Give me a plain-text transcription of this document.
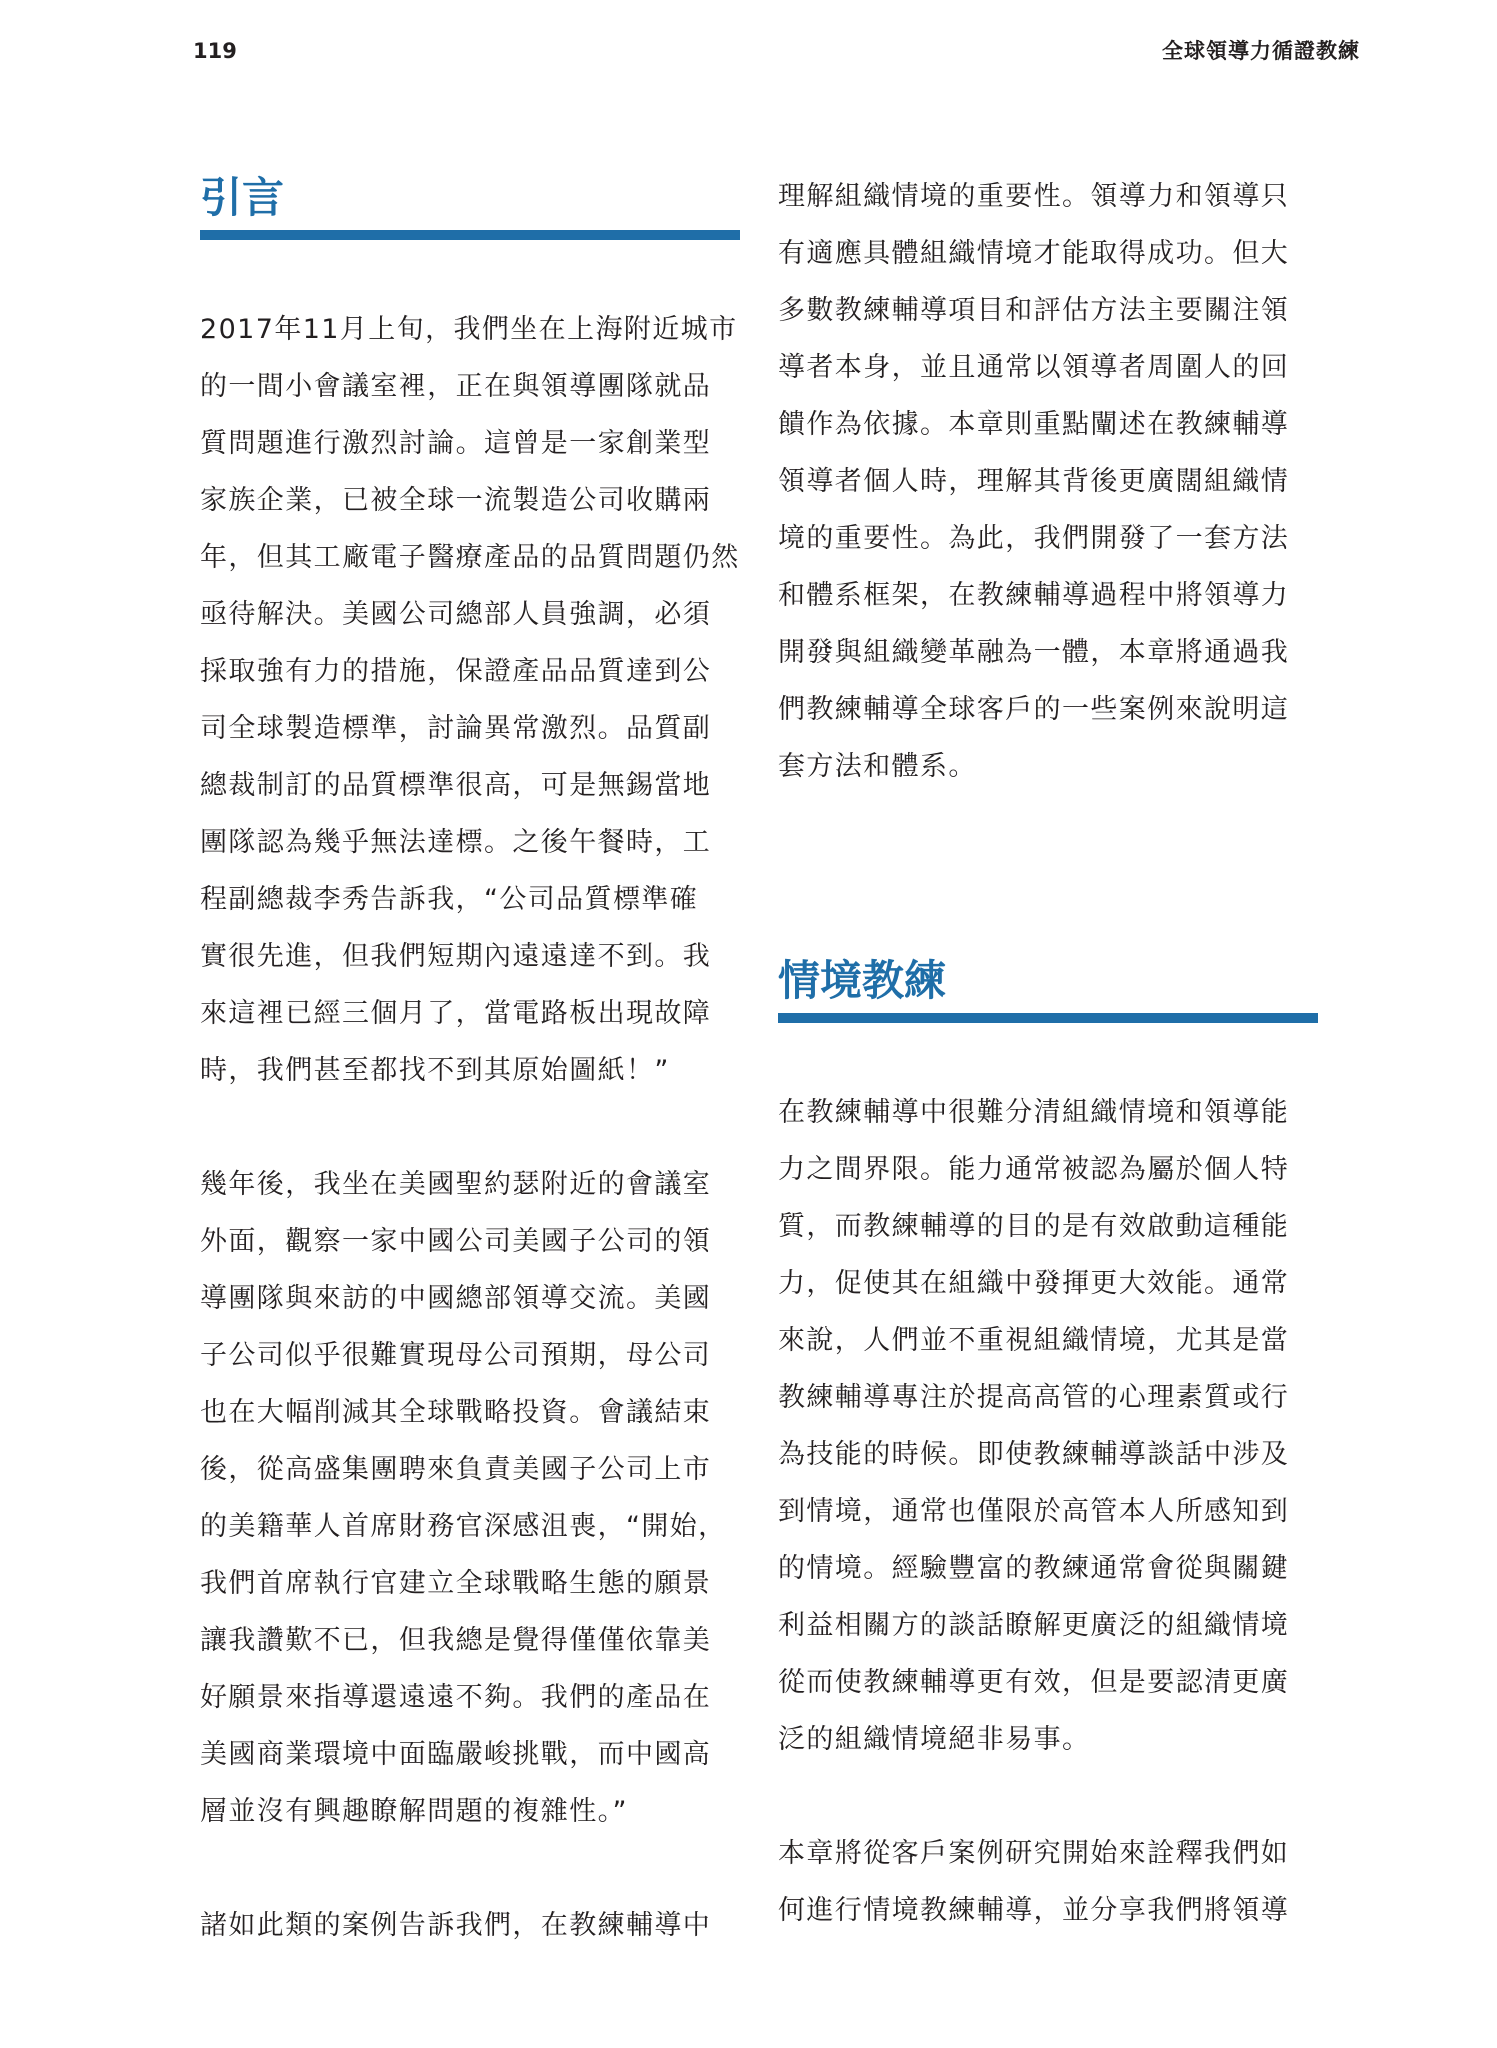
119	全球領導力循證教練
引言

2017年11月上旬，我們坐在上海附近城市
的一間小會議室裡，正在與領導團隊就品
質問題進行激烈討論。這曾是一家創業型
家族企業，已被全球一流製造公司收購兩
年，但其工廠電子醫療產品的品質問題仍然
亟待解決。美國公司總部人員強調，必須
採取強有力的措施，保證產品品質達到公
司全球製造標準，討論異常激烈。品質副
總裁制訂的品質標準很高，可是無錫當地
團隊認為幾乎無法達標。之後午餐時，工
程副總裁李秀告訴我，“公司品質標準確
實很先進，但我們短期內遠遠達不到。我
來這裡已經三個月了，當電路板出現故障
時，我們甚至都找不到其原始圖紙！”

幾年後，我坐在美國聖約瑟附近的會議室
外面，觀察一家中國公司美國子公司的領
導團隊與來訪的中國總部領導交流。美國
子公司似乎很難實現母公司預期，母公司
也在大幅削減其全球戰略投資。會議結束
後，從高盛集團聘來負責美國子公司上市
的美籍華人首席財務官深感沮喪，“開始，
我們首席執行官建立全球戰略生態的願景
讓我讚歎不已，但我總是覺得僅僅依靠美
好願景來指導還遠遠不夠。我們的產品在
美國商業環境中面臨嚴峻挑戰，而中國高
層並沒有興趣瞭解問題的複雜性。”

諸如此類的案例告訴我們，在教練輔導中

理解組織情境的重要性。領導力和領導只
有適應具體組織情境才能取得成功。但大
多數教練輔導項目和評估方法主要關注領
導者本身，並且通常以領導者周圍人的回
饋作為依據。本章則重點闡述在教練輔導
領導者個人時，理解其背後更廣闊組織情
境的重要性。為此，我們開發了一套方法
和體系框架，在教練輔導過程中將領導力
開發與組織變革融為一體，本章將通過我
們教練輔導全球客戶的一些案例來說明這
套方法和體系。

情境教練

在教練輔導中很難分清組織情境和領導能
力之間界限。能力通常被認為屬於個人特
質，而教練輔導的目的是有效啟動這種能
力，促使其在組織中發揮更大效能。通常
來說，人們並不重視組織情境，尤其是當
教練輔導專注於提高高管的心理素質或行
為技能的時候。即使教練輔導談話中涉及
到情境，通常也僅限於高管本人所感知到
的情境。經驗豐富的教練通常會從與關鍵
利益相關方的談話瞭解更廣泛的組織情境
從而使教練輔導更有效，但是要認清更廣
泛的組織情境絕非易事。

本章將從客戶案例研究開始來詮釋我們如
何進行情境教練輔導，並分享我們將領導
